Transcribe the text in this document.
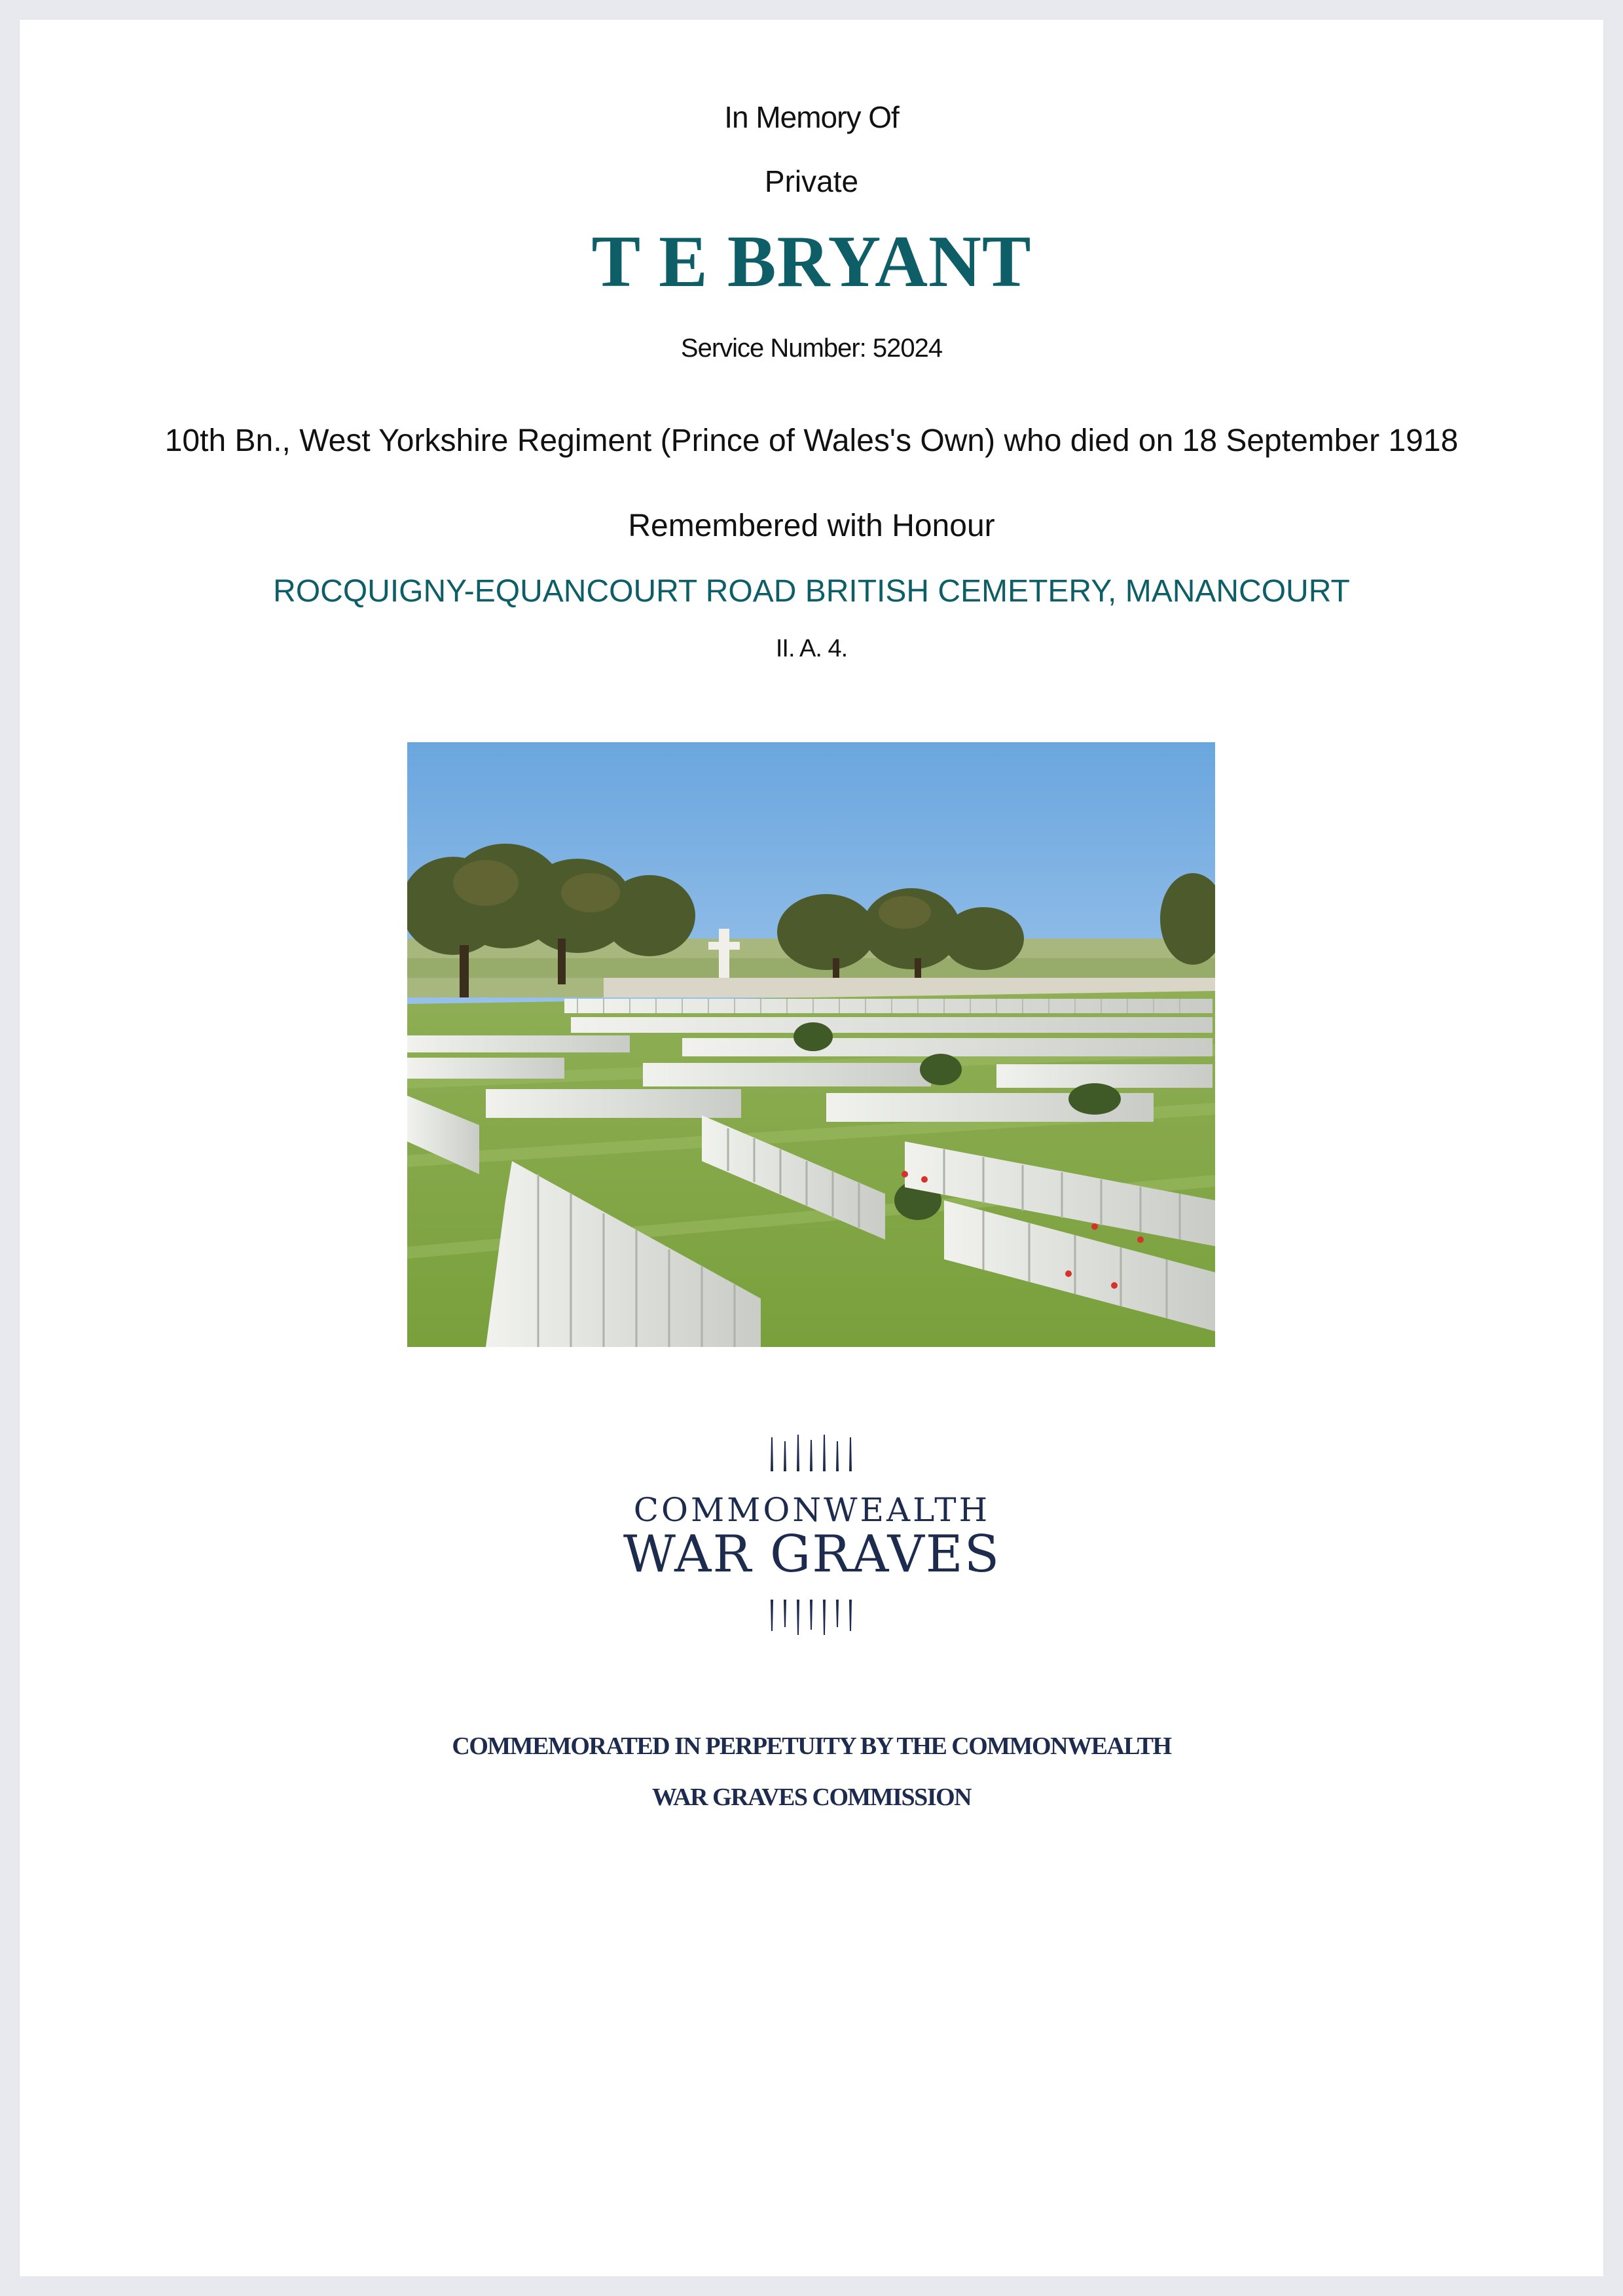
In Memory Of
Private
T E BRYANT
Service Number: 52024
10th Bn., West Yorkshire Regiment (Prince of Wales's Own) who died on 18 September 1918
Remembered with Honour
ROCQUIGNY-EQUANCOURT ROAD BRITISH CEMETERY, MANANCOURT
II. A. 4.
COMMONWEALTH
WAR GRAVES
COMMEMORATED IN PERPETUITY BY THE COMMONWEALTH
WAR GRAVES COMMISSION
